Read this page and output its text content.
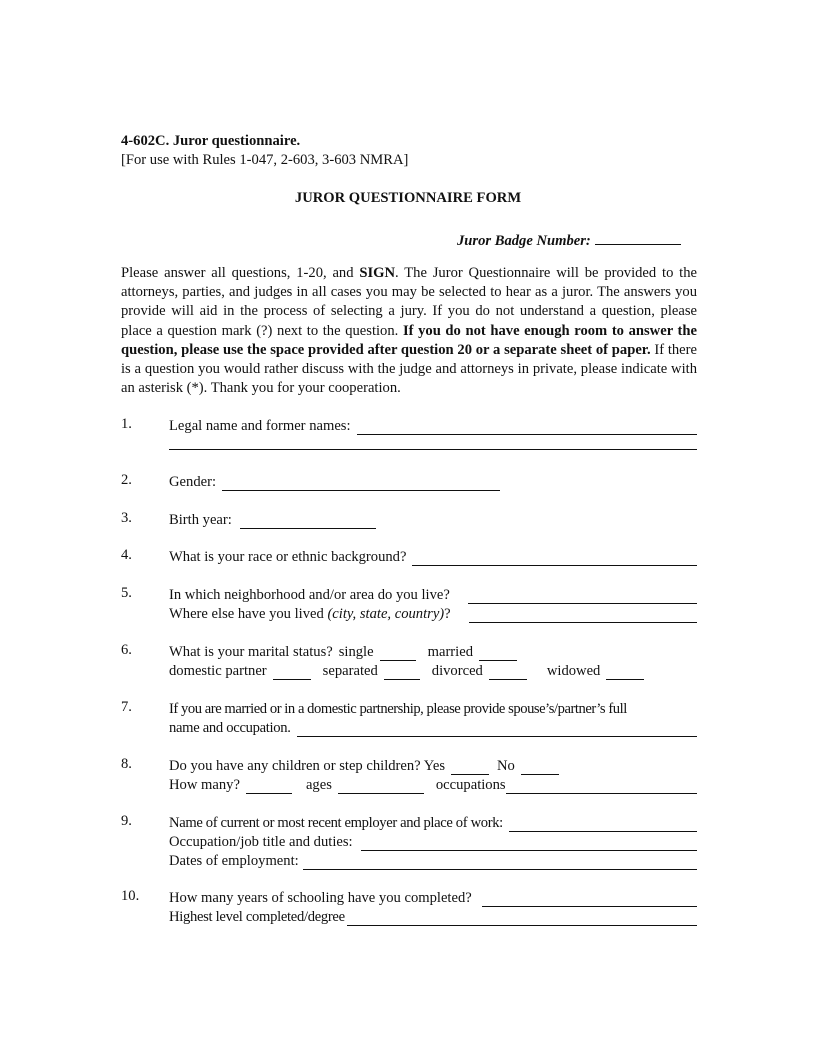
4-602C. Juror questionnaire.
[For use with Rules 1-047, 2-603, 3-603 NMRA]
JUROR QUESTIONNAIRE FORM
Juror Badge Number:
Please answer all questions, 1-20, and SIGN. The Juror Questionnaire will be provided to the attorneys, parties, and judges in all cases you may be selected to hear as a juror. The answers you provide will aid in the process of selecting a jury. If you do not understand a question, please place a question mark (?) next to the question. If you do not have enough room to answer the question, please use the space provided after question 20 or a separate sheet of paper. If there is a question you would rather discuss with the judge and attorneys in private, please indicate with an asterisk (*). Thank you for your cooperation.
1.	Legal name and former names:
2.	Gender:
3.	Birth year:
4.	What is your race or ethnic background?
5.	In which neighborhood and/or area do you live?
Where else have you lived (city, state, country)?
6.	What is your marital status? single	married
domestic partner	separated	divorced	widowed
7.	If you are married or in a domestic partnership, please provide spouse’s/partner’s full
name and occupation.
8.	Do you have any children or step children? Yes	No
How many?	ages	occupations
9.	Name of current or most recent employer and place of work:
Occupation/job title and duties:
Dates of employment:
10. How many years of schooling have you completed?
Highest level completed/degree
